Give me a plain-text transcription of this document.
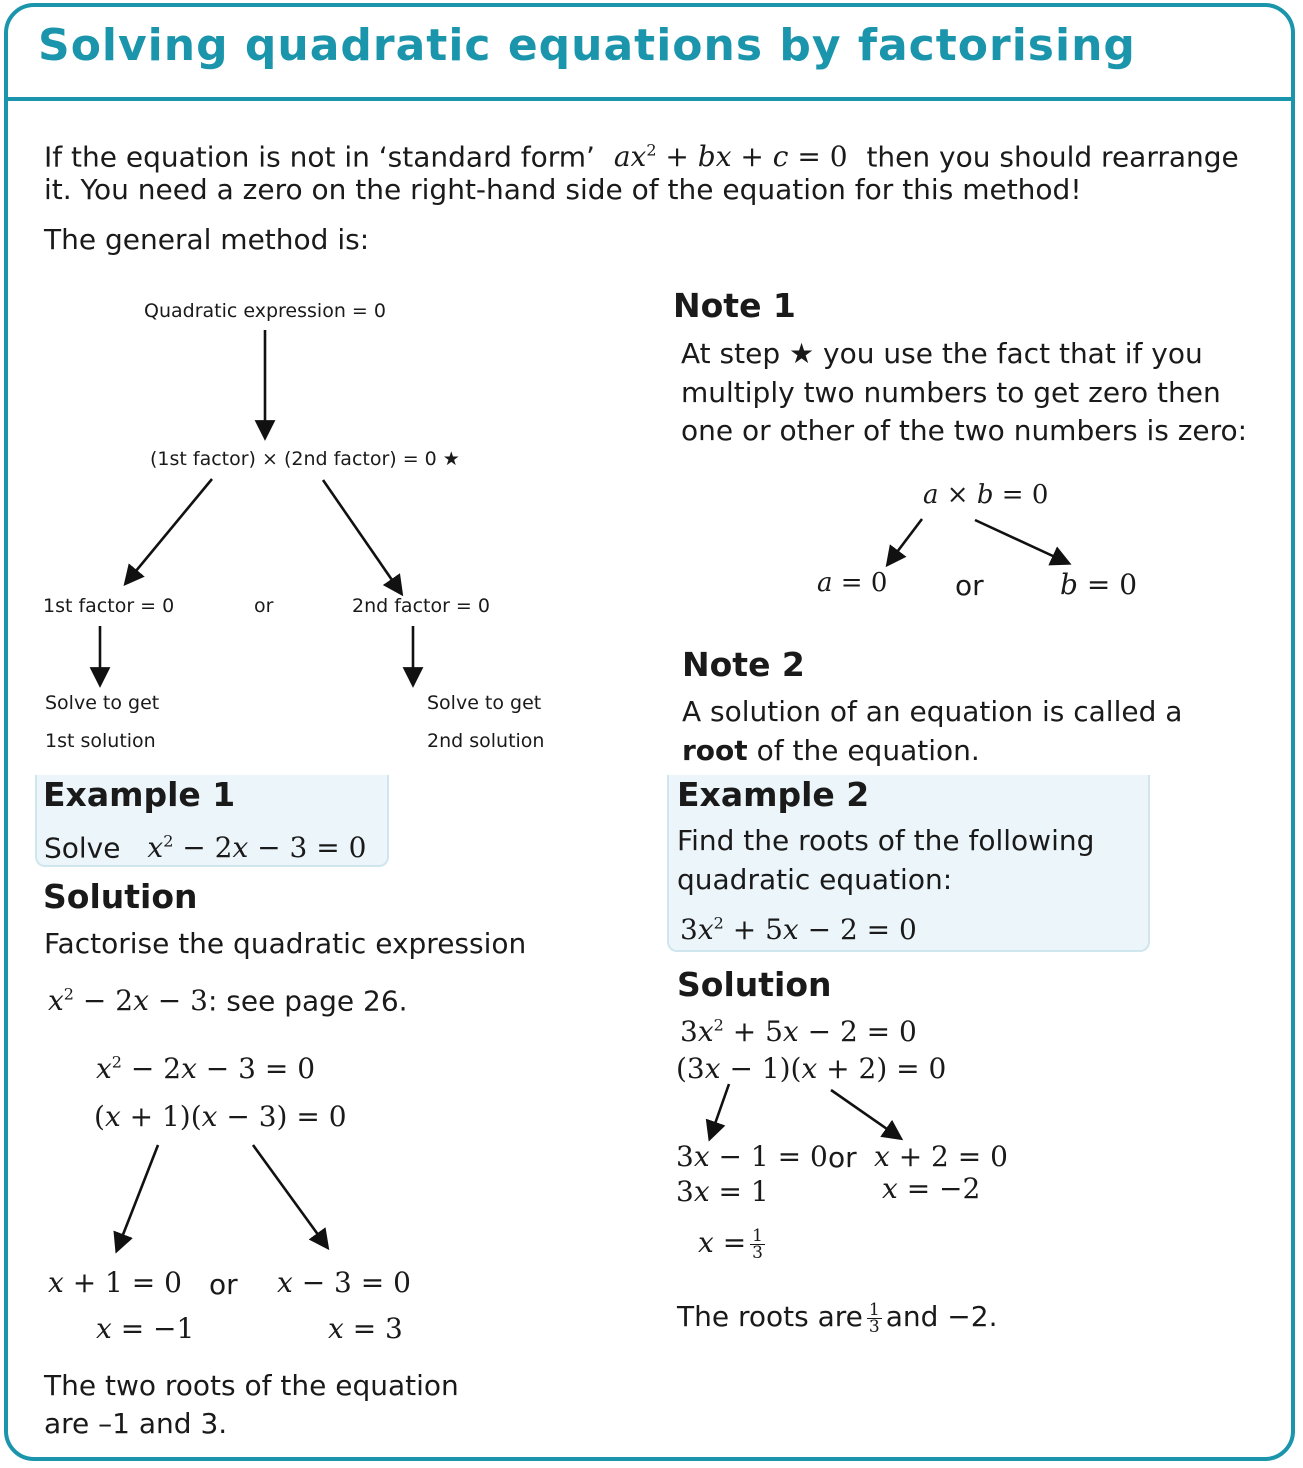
Solving quadratic equations by factorising
If the equation is not in ‘standard form’ $ax^2$ + bx + c = 0 then you should rearrange
it. You need a zero on the right-hand side of the equation for this method!
The general method is:
Quadratic expression = 0
(1st factor) × (2nd factor) = 0 ★
1st factor = 0	or	2nd factor = 0
Solve to get
1st solution
Solve to get
2nd solution
Note 1
At step ★ you use the fact that if you
multiply two numbers to get zero then
one or other of the two numbers is zero:
a × b = 0
a = 0 or	b = 0
Note 2
A solution of an equation is called a
root of the equation.
Example 1
Solve $x^2 - 2x - 3 = 0$
Solution
Factorise the quadratic expression
$x^2 - 2x - 3$: see page 26.
$x^2 - 2x - 3 = 0$
(x + 1)(x − 3) = 0
x + 1 = 0 or x − 3 = 0
x = −1	x = 3
The two roots of the equation
are –1 and 3.
Example 2
Find the roots of the following
quadratic equation:
$3x^2 + 5x - 2 = 0$
Solution
$3x^2 + 5x - 2 = 0$
(3x − 1)(x + 2) = 0
3x − 1 = 0 or x + 2 = 0
3x = 1	x = −2
$x = \frac{1}{3}$
The roots are $\frac{1}{3}$ and −2.
